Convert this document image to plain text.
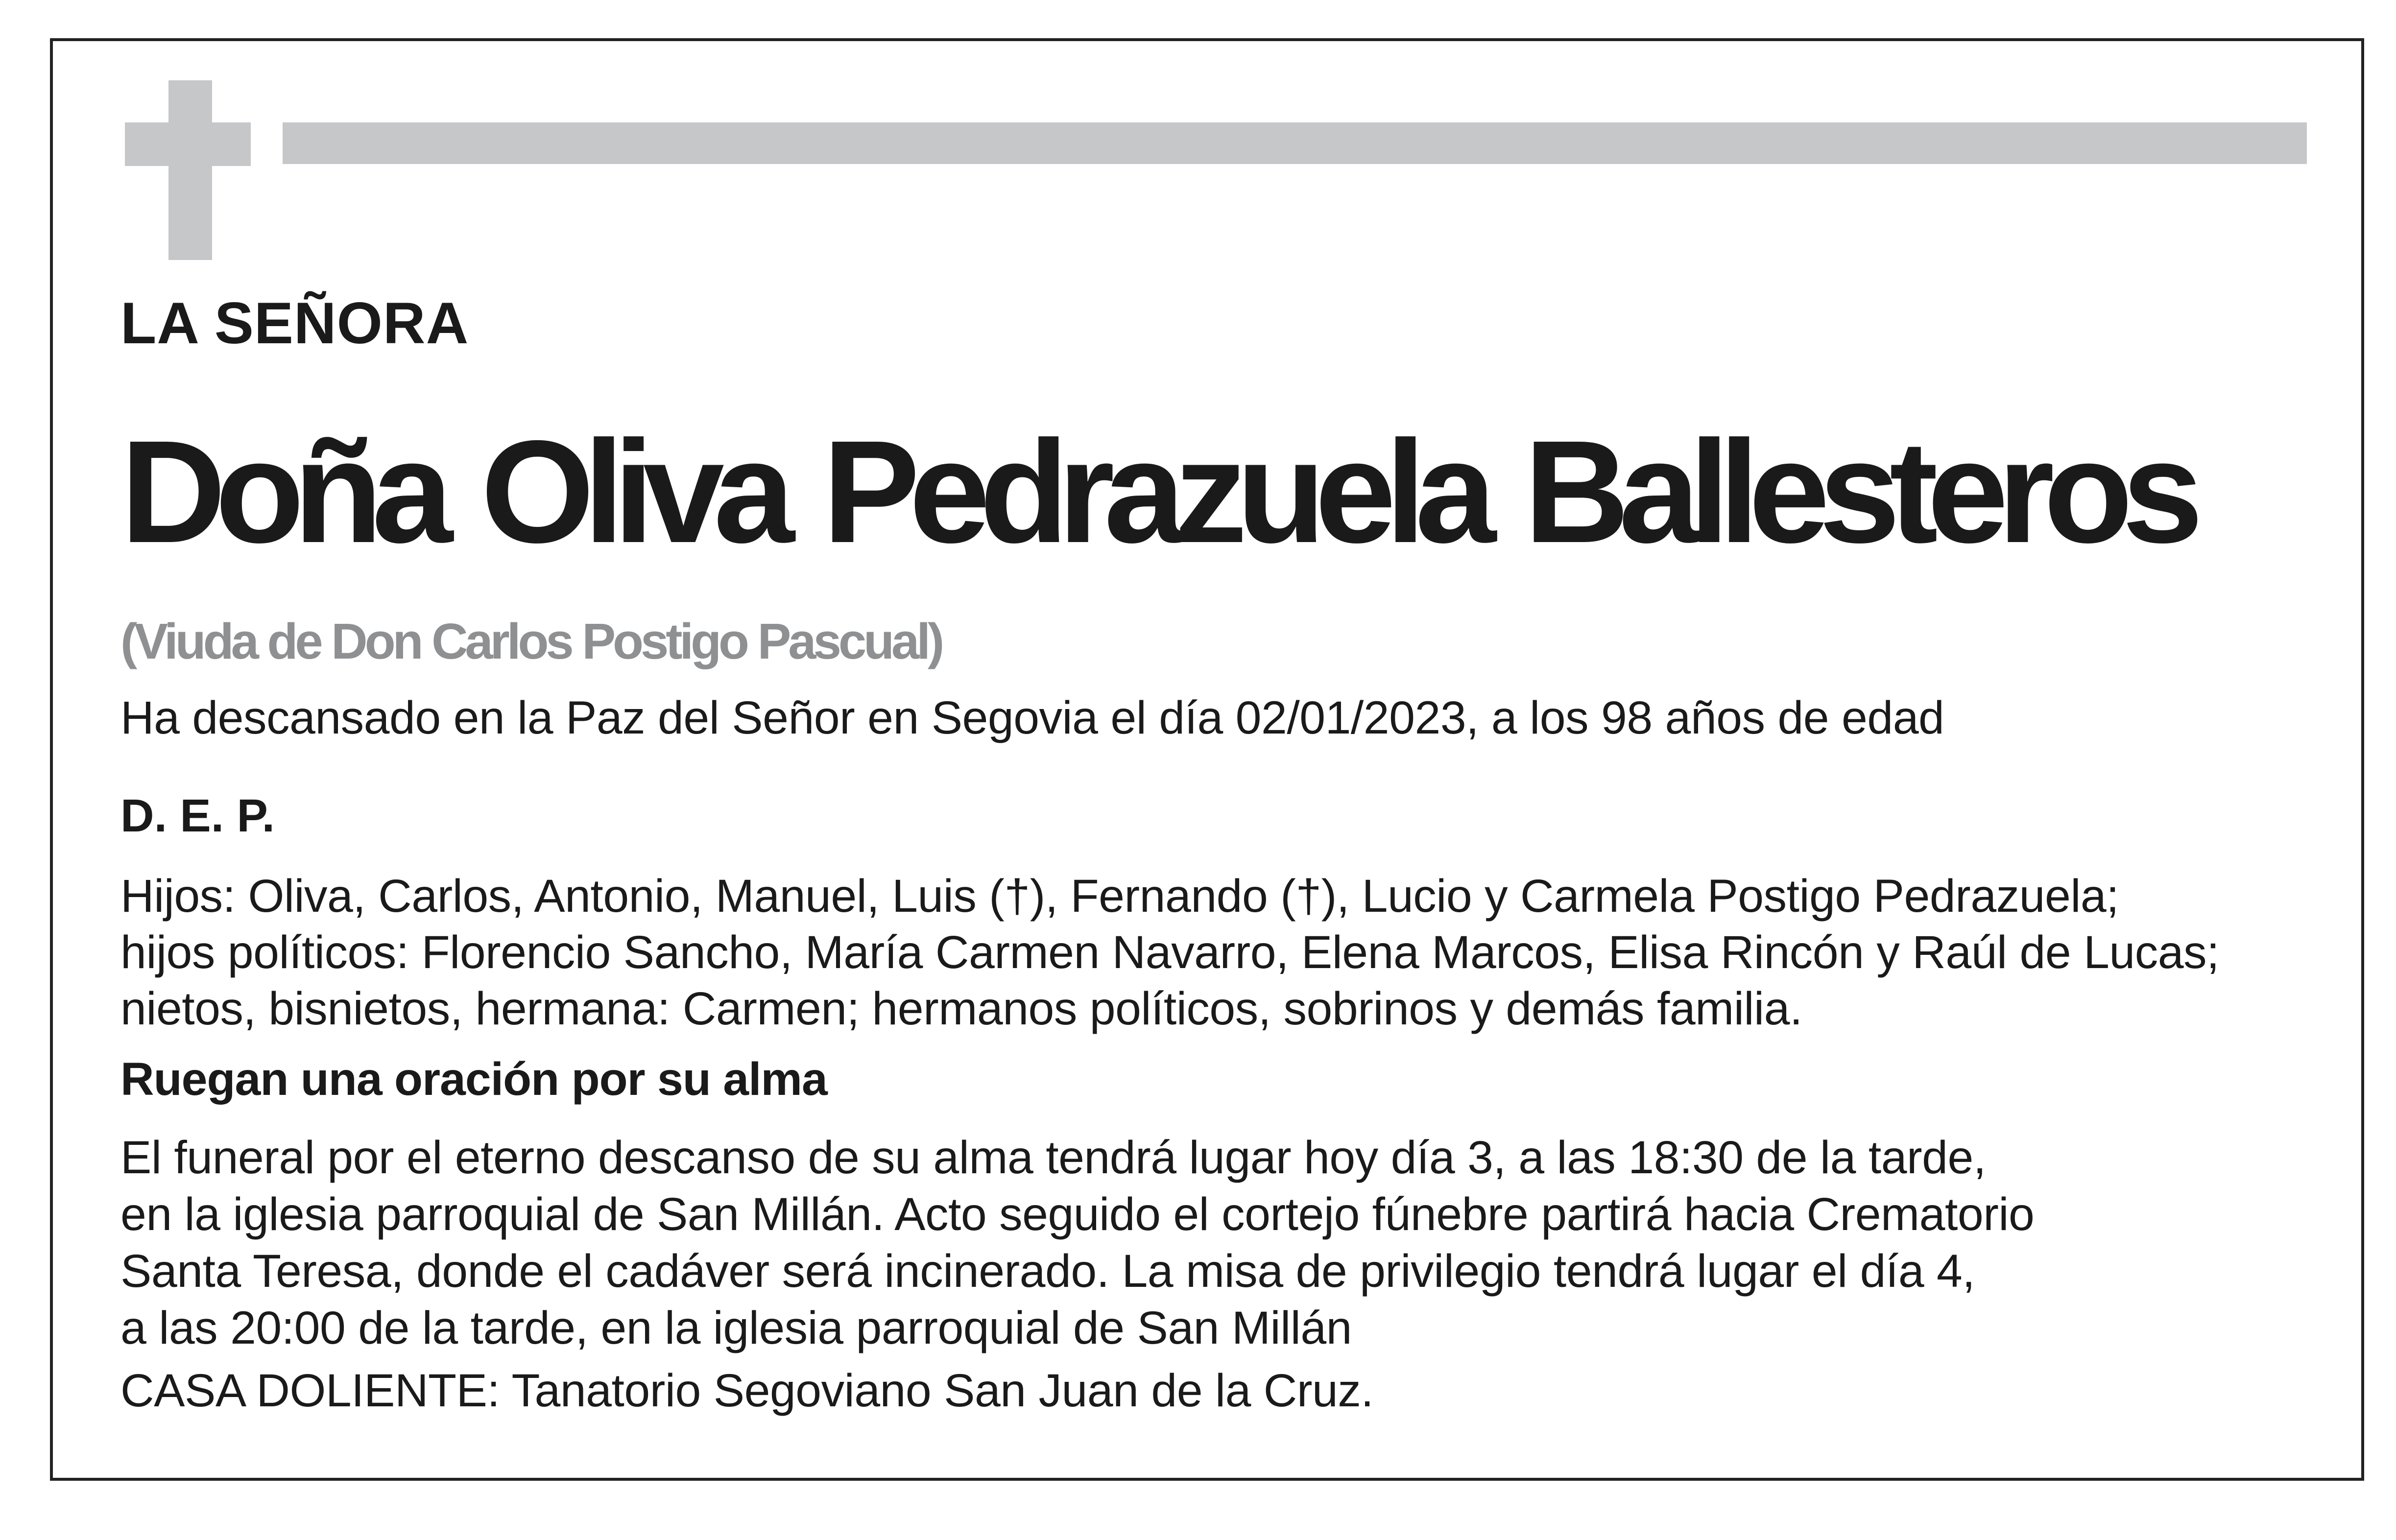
LA SEÑORA
Doña Oliva Pedrazuela Ballesteros
(Viuda de Don Carlos Postigo Pascual)
Ha descansado en la Paz del Señor en Segovia el día 02/01/2023, a los 98 años de edad
D. E. P.
Hijos: Oliva, Carlos, Antonio, Manuel, Luis (†), Fernando (†), Lucio y Carmela Postigo Pedrazuela;
hijos políticos: Florencio Sancho, María Carmen Navarro, Elena Marcos, Elisa Rincón y Raúl de Lucas;
nietos, bisnietos, hermana: Carmen; hermanos políticos, sobrinos y demás familia.
Ruegan una oración por su alma
El funeral por el eterno descanso de su alma tendrá lugar hoy día 3, a las 18:30 de la tarde,
en la iglesia parroquial de San Millán. Acto seguido el cortejo fúnebre partirá hacia Crematorio
Santa Teresa, donde el cadáver será incinerado. La misa de privilegio tendrá lugar el día 4,
a las 20:00 de la tarde, en la iglesia parroquial de San Millán
CASA DOLIENTE: Tanatorio Segoviano San Juan de la Cruz.
